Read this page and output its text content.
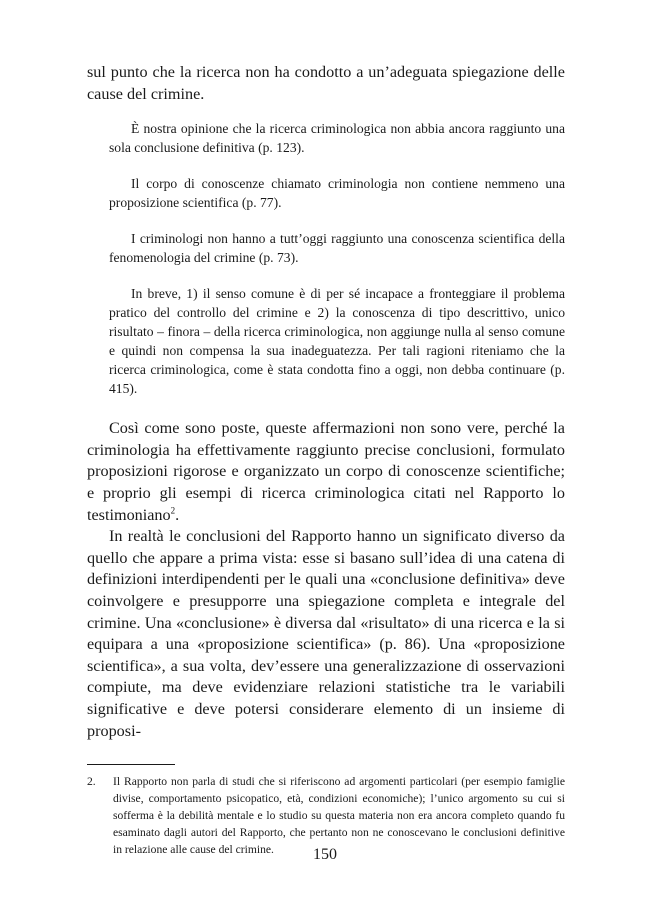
sul punto che la ricerca non ha condotto a un’adeguata spiegazione delle cause del crimine.

È nostra opinione che la ricerca criminologica non abbia ancora raggiunto una sola conclusione definitiva (p. 123).

Il corpo di conoscenze chiamato criminologia non contiene nemmeno una proposizione scientifica (p. 77).

I criminologi non hanno a tutt’oggi raggiunto una conoscenza scientifica della fenomenologia del crimine (p. 73).

In breve, 1) il senso comune è di per sé incapace a fronteggiare il problema pratico del controllo del crimine e 2) la conoscenza di tipo descrittivo, unico risultato – finora – della ricerca criminologica, non aggiunge nulla al senso comune e quindi non compensa la sua inadeguatezza. Per tali ragioni riteniamo che la ricerca criminologica, come è stata condotta fino a oggi, non debba continuare (p. 415).

Così come sono poste, queste affermazioni non sono vere, perché la criminologia ha effettivamente raggiunto precise conclusioni, formulato proposizioni rigorose e organizzato un corpo di conoscenze scientifiche; e proprio gli esempi di ricerca criminologica citati nel Rapporto lo testimoniano$^2$.

In realtà le conclusioni del Rapporto hanno un significato diverso da quello che appare a prima vista: esse si basano sull’idea di una catena di definizioni interdipendenti per le quali una «conclusione definitiva» deve coinvolgere e presupporre una spiegazione completa e integrale del crimine. Una «conclusione» è diversa dal «risultato» di una ricerca e la si equipara a una «proposizione scientifica» (p. 86). Una «proposizione scientifica», a sua volta, dev’essere una generalizzazione di osservazioni compiute, ma deve evidenziare relazioni statistiche tra le variabili significative e deve potersi considerare elemento di un insieme di proposi-

2. Il Rapporto non parla di studi che si riferiscono ad argomenti particolari (per esempio famiglie divise, comportamento psicopatico, età, condizioni economiche); l’unico argomento su cui si sofferma è la debilità mentale e lo studio su questa materia non era ancora completo quando fu esaminato dagli autori del Rapporto, che pertanto non ne conoscevano le conclusioni definitive in relazione alle cause del crimine.	150
